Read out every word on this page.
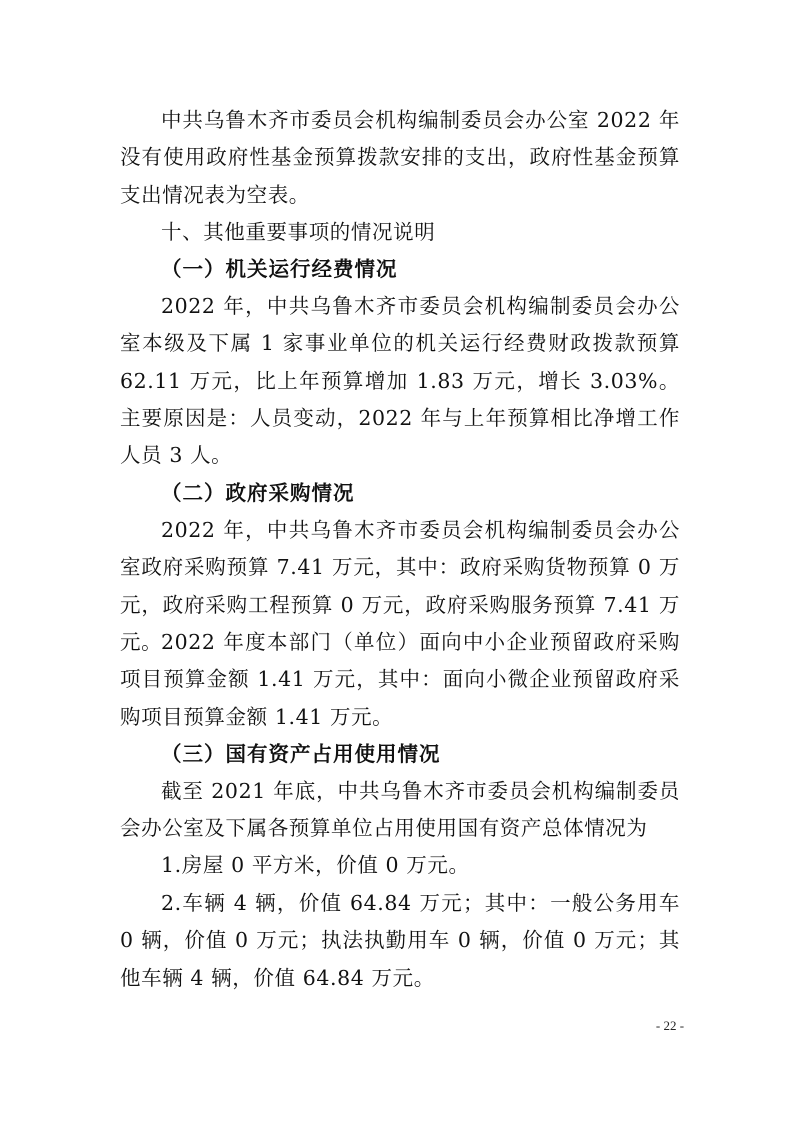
中共乌鲁木齐市委员会机构编制委员会办公室 2022 年没有使用政府性基金预算拨款安排的支出，政府性基金预算支出情况表为空表。

十、其他重要事项的情况说明

（一）机关运行经费情况

2022 年，中共乌鲁木齐市委员会机构编制委员会办公室本级及下属 1 家事业单位的机关运行经费财政拨款预算 62.11 万元，比上年预算增加 1.83 万元，增长 3.03%。主要原因是：人员变动，2022 年与上年预算相比净增工作人员 3 人。

（二）政府采购情况

2022 年，中共乌鲁木齐市委员会机构编制委员会办公室政府采购预算 7.41 万元，其中：政府采购货物预算 0 万元，政府采购工程预算 0 万元，政府采购服务预算 7.41 万元。

2022 年度本部门（单位）面向中小企业预留政府采购项目预算金额 1.41 万元，其中：面向小微企业预留政府采购项目预算金额 1.41 万元。

（三）国有资产占用使用情况

截至 2021 年底，中共乌鲁木齐市委员会机构编制委员会办公室及下属各预算单位占用使用国有资产总体情况为

1.房屋 0 平方米，价值 0 万元。

2.车辆 4 辆，价值 64.84 万元；其中：一般公务用车 0 辆，价值 0 万元；执法执勤用车 0 辆，价值 0 万元；其他车辆 4 辆，价值 64.84 万元。

- 22 -
